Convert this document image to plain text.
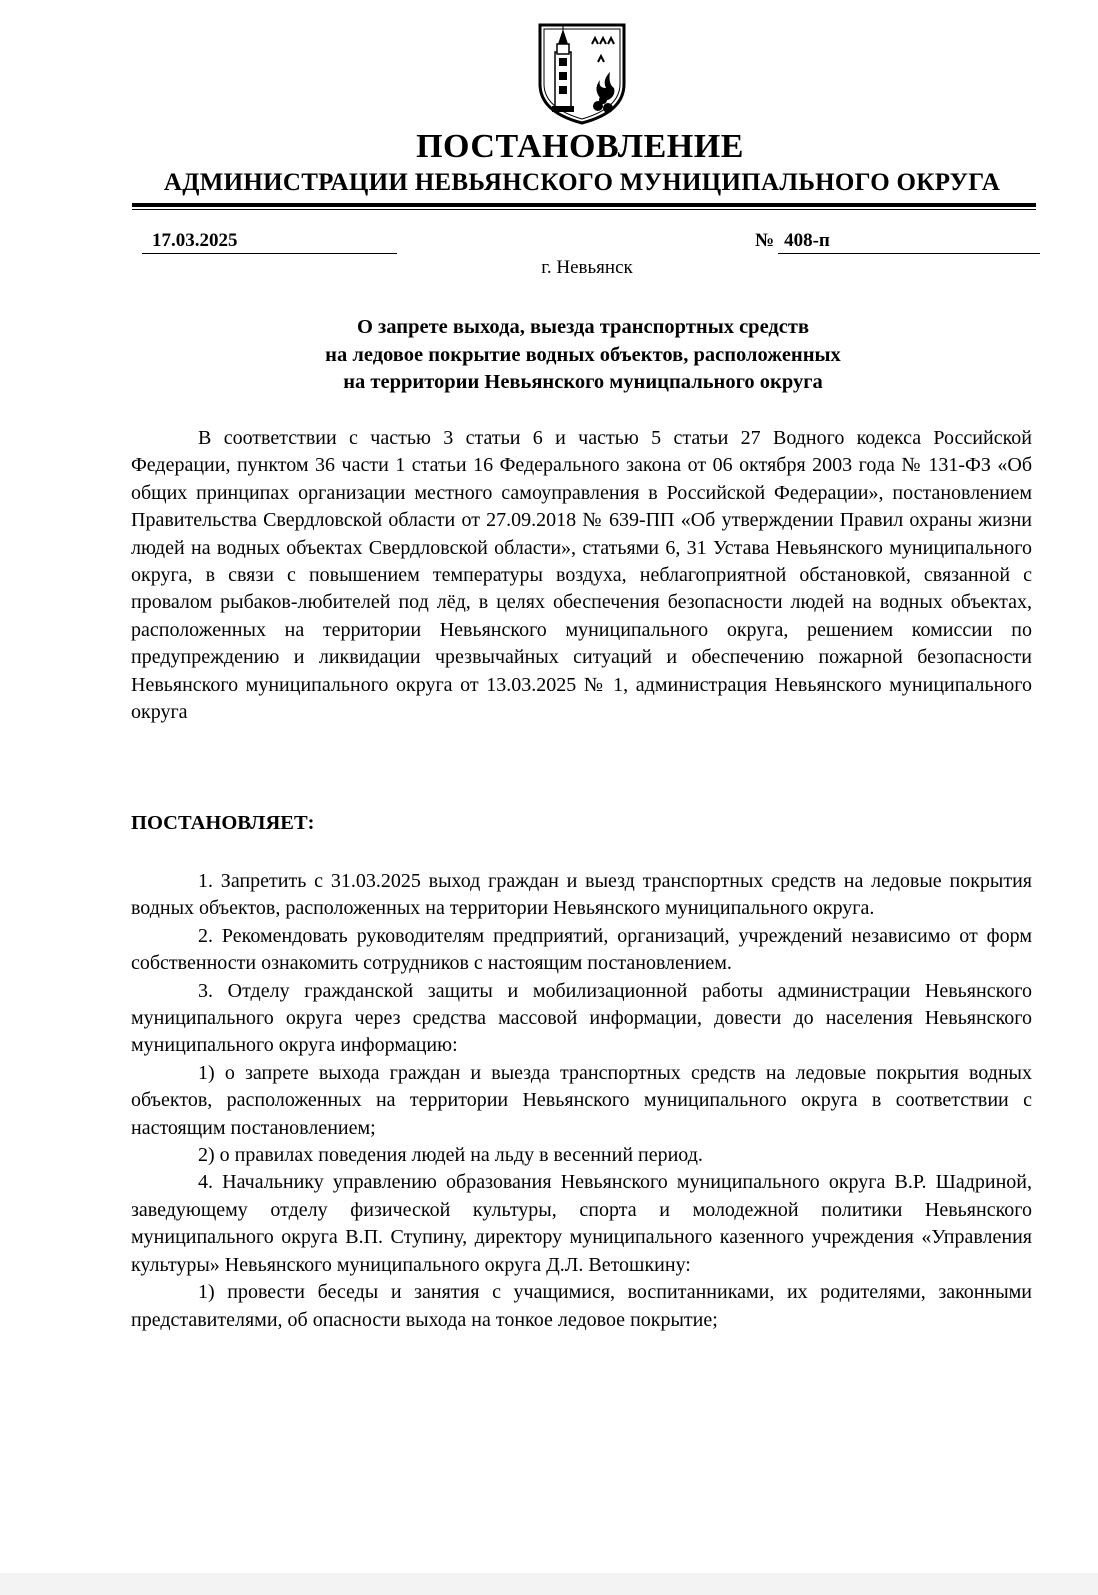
ПОСТАНОВЛЕНИЕ
АДМИНИСТРАЦИИ НЕВЬЯНСКОГО МУНИЦИПАЛЬНОГО ОКРУГА
17.03.2025	№ 408-п
г. Невьянск
О запрете выхода, выезда транспортных средств
на ледовое покрытие водных объектов, расположенных
на территории Невьянского муницпального округа

В соответствии с частью 3 статьи 6 и частью 5 статьи 27 Водного кодекса Российской Федерации, пунктом 36 части 1 статьи 16 Федерального закона от 06 октября 2003 года № 131-ФЗ «Об общих принципах организации местного самоуправления в Российской Федерации», постановлением Правительства Свердловской области от 27.09.2018 № 639-ПП «Об утверждении Правил охраны жизни людей на водных объектах Свердловской области», статьями 6, 31 Устава Невьянского муниципального округа, в связи с повышением температуры воздуха, неблагоприятной обстановкой, связанной с провалом рыбаков-любителей под лёд, в целях обеспечения безопасности людей на водных объектах, расположенных на территории Невьянского муниципального округа, решением комиссии по предупреждению и ликвидации чрезвычайных ситуаций и обеспечению пожарной безопасности Невьянского муниципального округа от 13.03.2025 № 1, администрация Невьянского муниципального округа

ПОСТАНОВЛЯЕТ:

1. Запретить с 31.03.2025 выход граждан и выезд транспортных средств на ледовые покрытия водных объектов, расположенных на территории Невьянского муниципального округа.

2. Рекомендовать руководителям предприятий, организаций, учреждений независимо от форм собственности ознакомить сотрудников с настоящим постановлением.

3. Отделу гражданской защиты и мобилизационной работы администрации Невьянского муниципального округа через средства массовой информации, довести до населения Невьянского муниципального округа информацию:

1) о запрете выхода граждан и выезда транспортных средств на ледовые покрытия водных объектов, расположенных на территории Невьянского муниципального округа в соответствии с настоящим постановлением;

2) о правилах поведения людей на льду в весенний период.

4. Начальнику управлению образования Невьянского муниципального округа В.Р. Шадриной, заведующему отделу физической культуры, спорта и молодежной политики Невьянского муниципального округа В.П. Ступину, директору муниципального казенного учреждения «Управления культуры» Невьянского муниципального округа Д.Л. Ветошкину:

1) провести беседы и занятия с учащимися, воспитанниками, их родителями, законными представителями, об опасности выхода на тонкое ледовое покрытие;
